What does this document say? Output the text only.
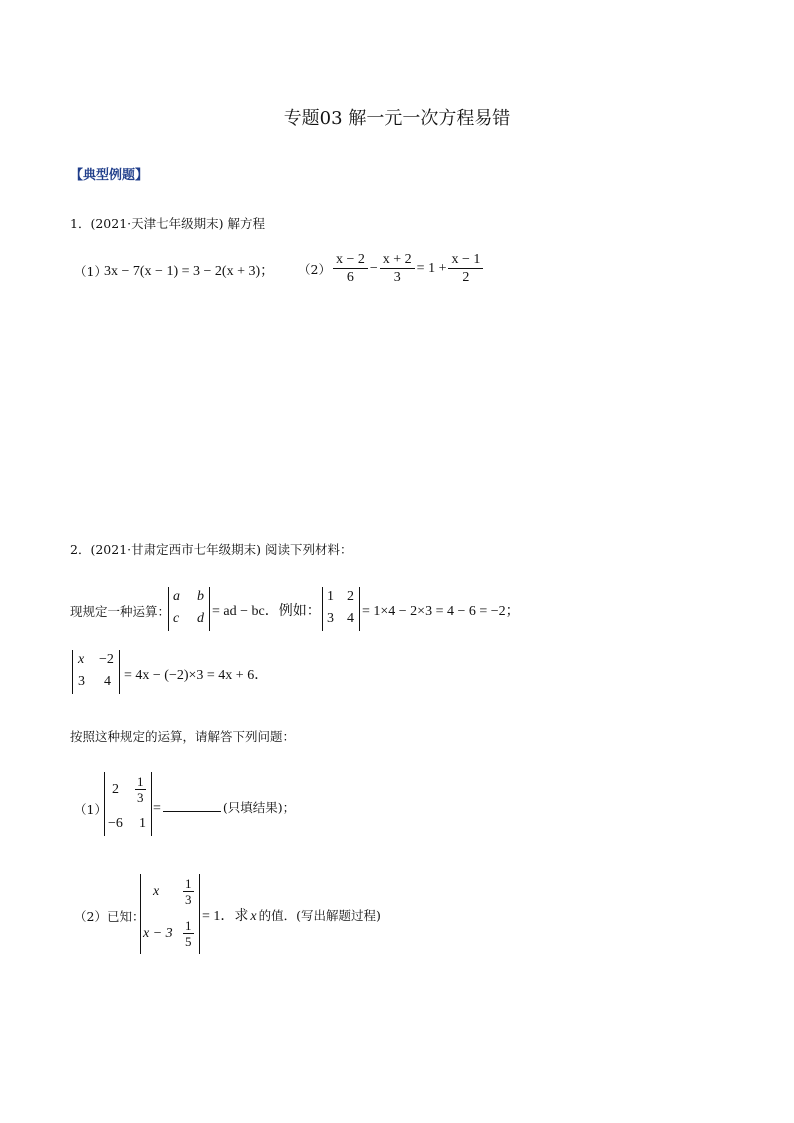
专题03 解一元一次方程易错
【典型例题】
1．(2021·天津七年级期末) 解方程
（1）
3x − 7(x − 1) = 3 − 2(x + 3)； $(2) \frac{x - 2}{6} - \frac{x + 2}{3} = 1 + \frac{x - 1}{2}$
2．(2021·甘肃定西市七年级期末) 阅读下列材料：
现规定一种运算：
a b
c d = ad − bc．例如：
1 2
3 4 = 1×4 − 2×3 = 4 − 6 = −2；
x −2
3 4 = 4x − (−2)×3 = 4x + 6．
按照这种规定的运算，请解答下列问题：
（1）
$2 \frac{1}{3}$
−6 1
=	(只填结果)；
（2）已知：
x $\frac{1}{3}$
$x - 3 \frac{1}{5}$
= 1．求 x 的值．(写出解题过程)
